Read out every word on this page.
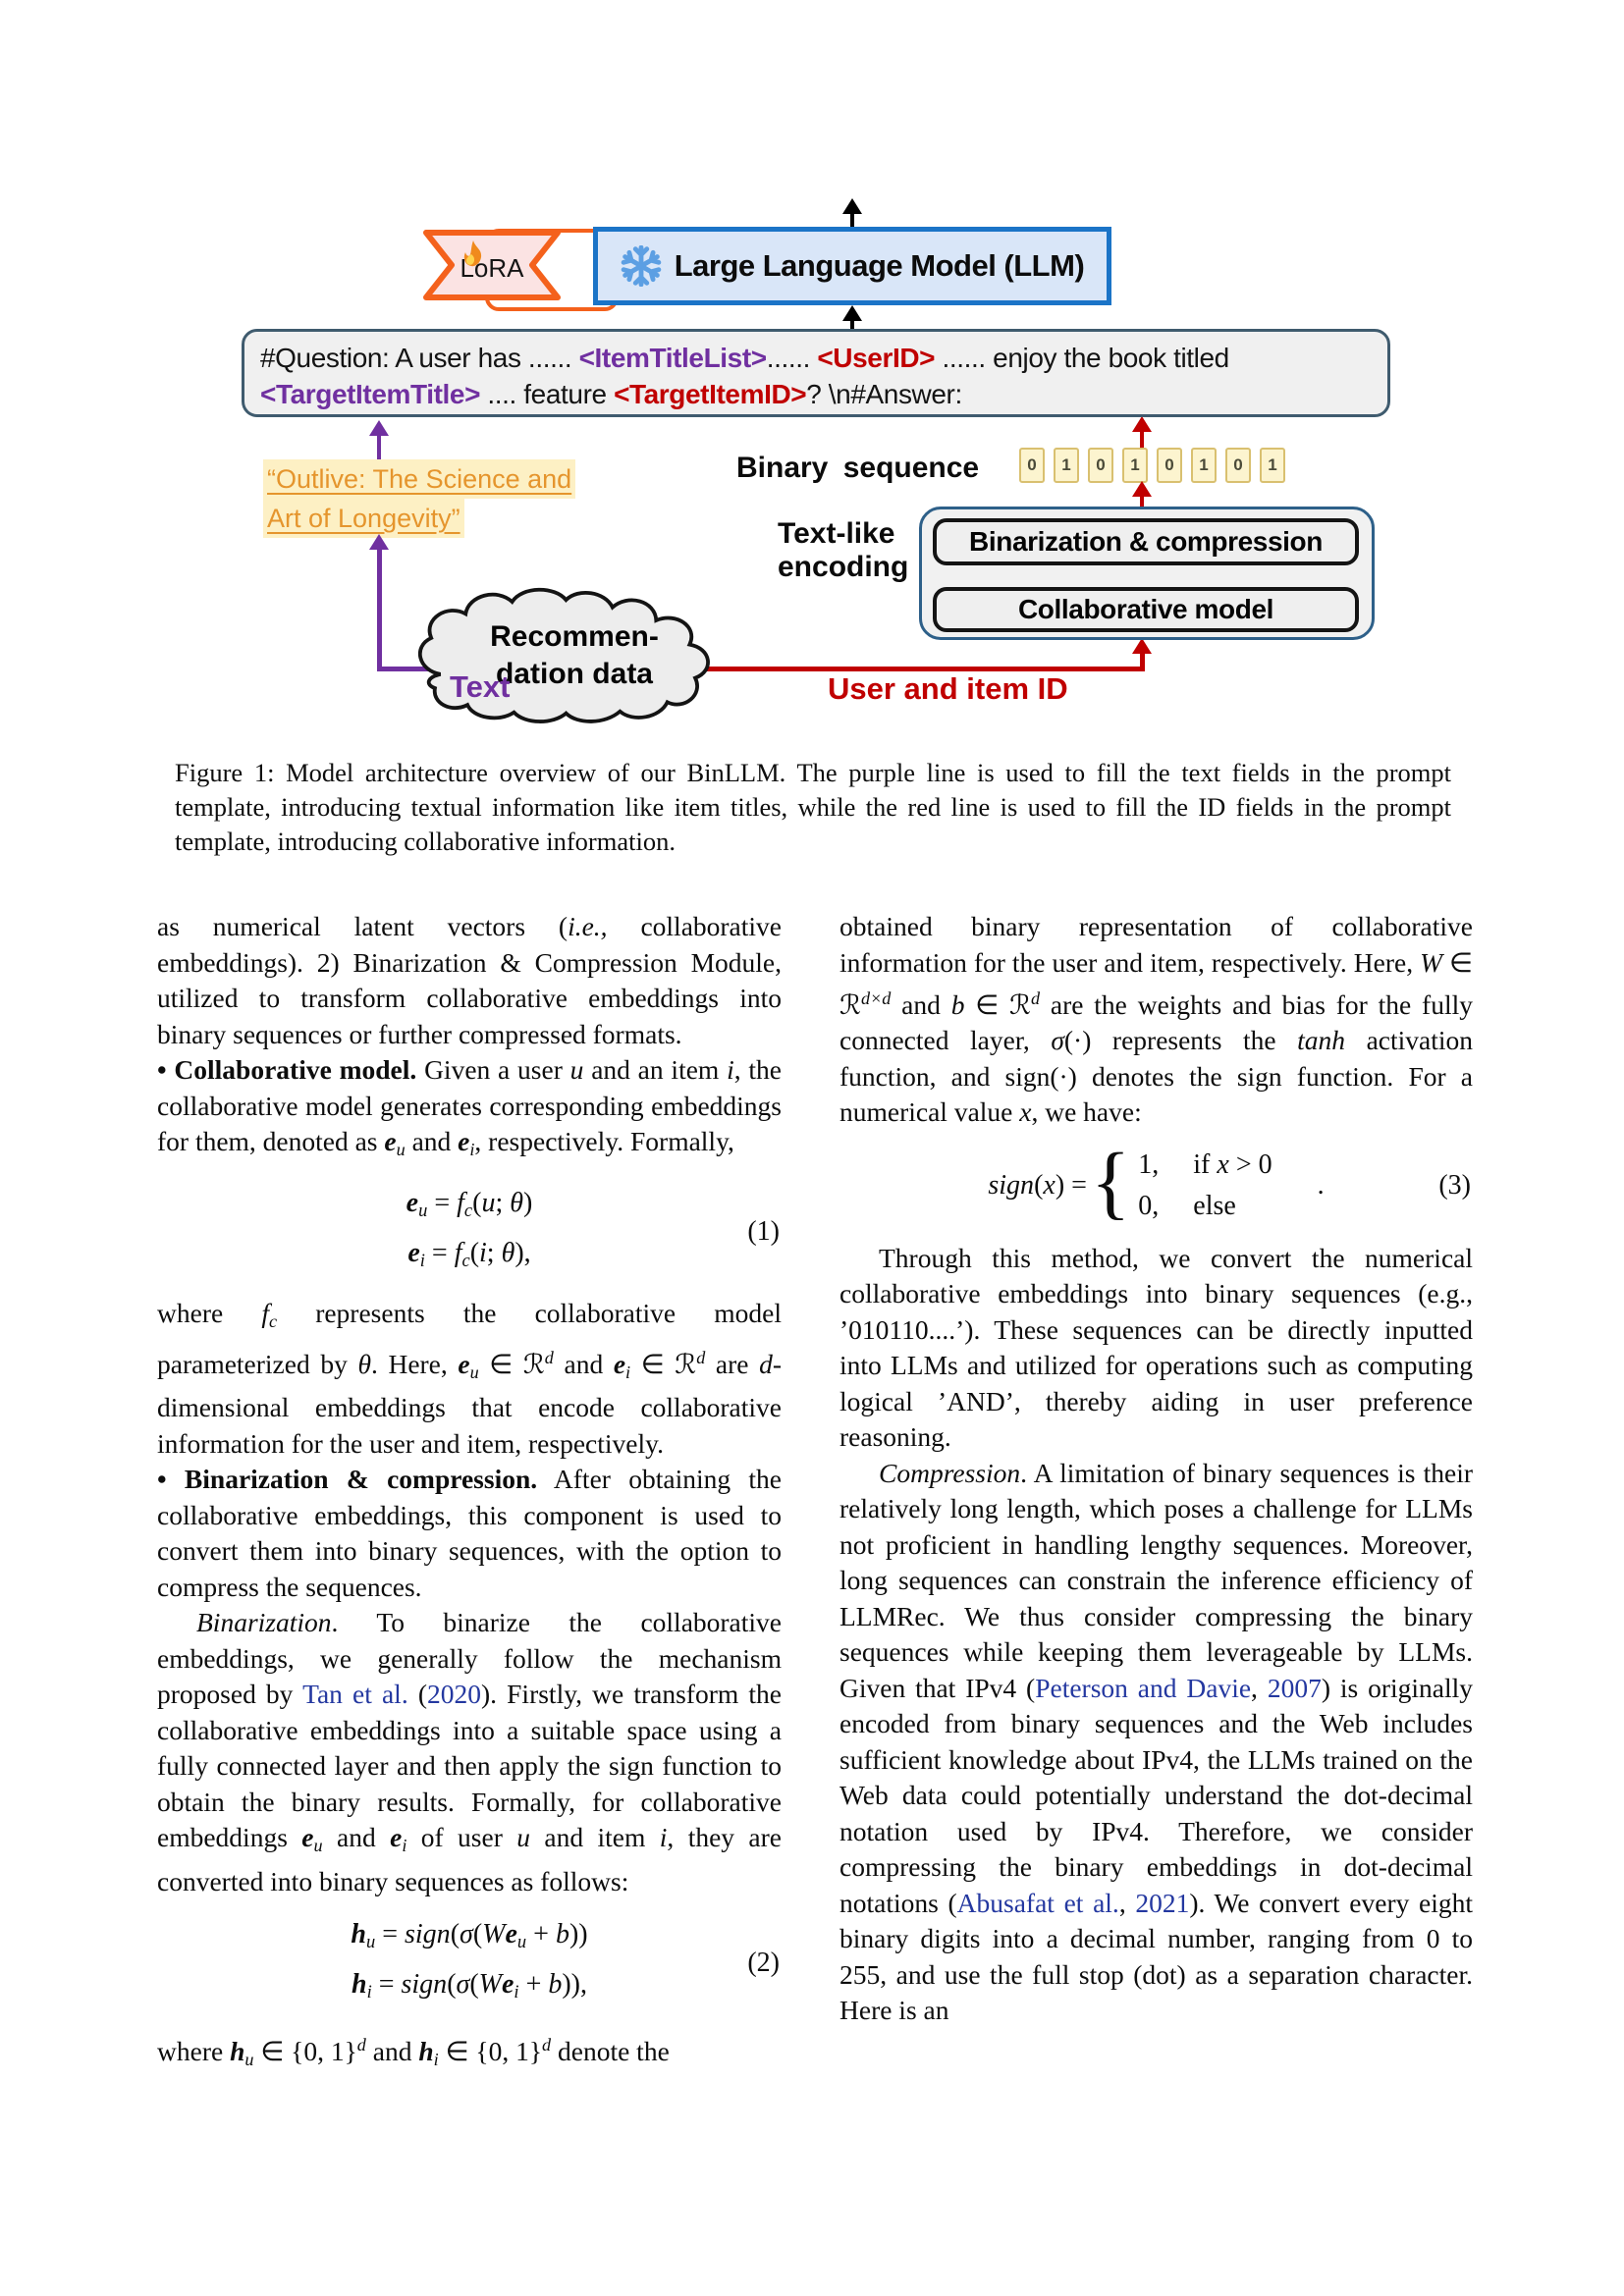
Large Language Model (LLM)
LoRA
#Question: A user has ...... <ItemTitleList>...... <UserID> ...... enjoy the book titled
<TargetItemTitle> .... feature <TargetItemID>? \n#Answer:
“Outlive: The Science and
Art of Longevity”
Binary sequence	0	1	0	1	0	1	0	1
Binarization & compression
Collaborative model
Text-like
encoding
Recommen-
dation data
Text	User and item ID
Figure 1: Model architecture overview of our BinLLM. The purple line is used to fill the text fields in the prompt template, introducing textual information like item titles, while the red line is used to fill the ID fields in the prompt template, introducing collaborative information.

as numerical latent vectors (i.e., collaborative embeddings). 2) Binarization & Compression Module, utilized to transform collaborative embeddings into binary sequences or further compressed formats.

• Collaborative model. Given a user u and an item i, the collaborative model generates corresponding embeddings for them, denoted as eu and ei, respectively. Formally,

eu = fc(u; θ)
ei = fc(i; θ),
(1)

where fc represents the collaborative model parameterized by θ. Here, eu ∈ ℛ$^d$ and ei ∈ ℛ$^d$ are d-dimensional embeddings that encode collaborative information for the user and item, respectively.

• Binarization & compression. After obtaining the collaborative embeddings, this component is used to convert them into binary sequences, with the option to compress the sequences.

Binarization. To binarize the collaborative embeddings, we generally follow the mechanism proposed by Tan et al. (2020). Firstly, we transform the collaborative embeddings into a suitable space using a fully connected layer and then apply the sign function to obtain the binary results. Formally, for collaborative embeddings eu and ei of user u and item i, they are converted into binary sequences as follows:

hu = sign(σ(Weu + b))
hi = sign(σ(Wei + b)),
(2)

where hu ∈ {0, 1}$^d$ and hi ∈ {0, 1}$^d$ denote the

obtained binary representation of collaborative information for the user and item, respectively. Here, W ∈ ℛ$^{d\times d}$ and b ∈ ℛ$^d$ are the weights and bias for the fully connected layer, σ(·) represents the tanh activation function, and sign(·) denotes the sign function. For a numerical value x, we have:

sign(x) = { 1,	if x > 0
0,	else
.	(3)

Through this method, we convert the numerical collaborative embeddings into binary sequences (e.g., ’010110....’). These sequences can be directly inputted into LLMs and utilized for operations such as computing logical ’AND’, thereby aiding in user preference reasoning.

Compression. A limitation of binary sequences is their relatively long length, which poses a challenge for LLMs not proficient in handling lengthy sequences. Moreover, long sequences can constrain the inference efficiency of LLMRec. We thus consider compressing the binary sequences while keeping them leverageable by LLMs. Given that IPv4 (Peterson and Davie, 2007) is originally encoded from binary sequences and the Web includes sufficient knowledge about IPv4, the LLMs trained on the Web data could potentially understand the dot-decimal notation used by IPv4. Therefore, we consider compressing the binary embeddings in dot-decimal notations (Abusafat et al., 2021). We convert every eight binary digits into a decimal number, ranging from 0 to 255, and use the full stop (dot) as a separation character. Here is an
